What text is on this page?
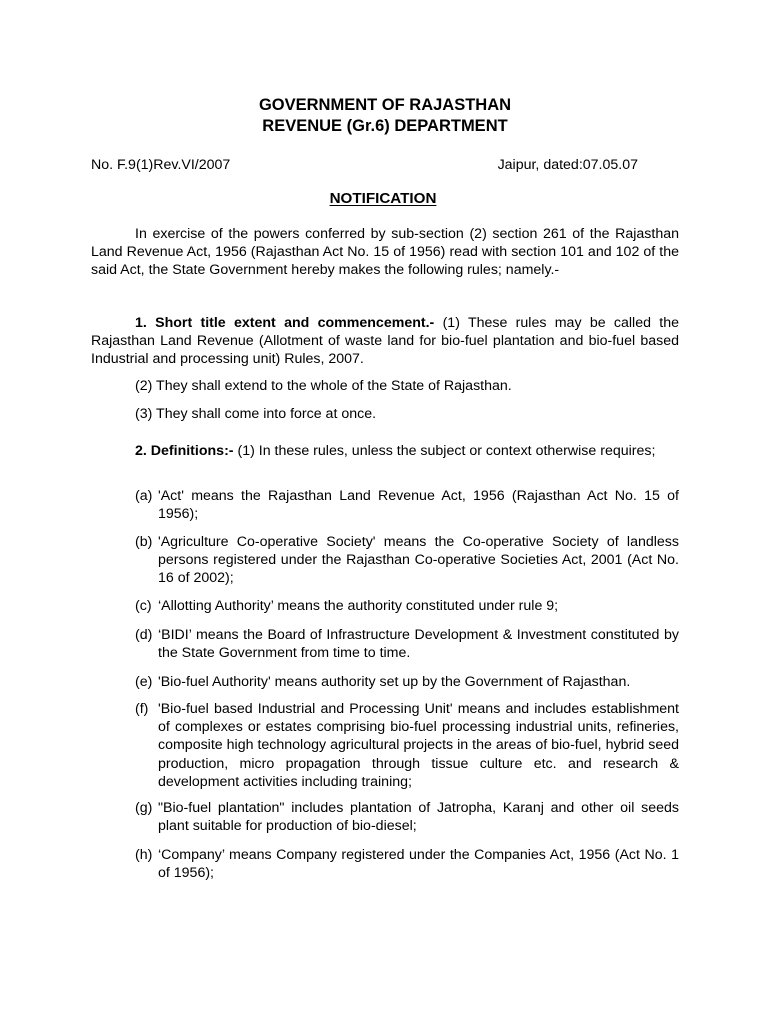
GOVERNMENT OF RAJASTHAN
REVENUE (Gr.6) DEPARTMENT
No. F.9(1)Rev.VI/2007	Jaipur, dated:07.05.07
NOTIFICATION
In exercise of the powers conferred by sub-section (2) section 261 of the Rajasthan Land Revenue Act, 1956 (Rajasthan Act No. 15 of 1956) read with section 101 and 102 of the said Act, the State Government hereby makes the following rules; namely.-
1. Short title extent and commencement.- (1) These rules may be called the Rajasthan Land Revenue (Allotment of waste land for bio-fuel plantation and bio-fuel based Industrial and processing unit) Rules, 2007.
(2) They shall extend to the whole of the State of Rajasthan.
(3) They shall come into force at once.
2. Definitions:- (1) In these rules, unless the subject or context otherwise requires;
(a) 'Act' means the Rajasthan Land Revenue Act, 1956 (Rajasthan Act No. 15 of 1956);
(b) 'Agriculture Co-operative Society' means the Co-operative Society of landless persons registered under the Rajasthan Co-operative Societies Act, 2001 (Act No. 16 of 2002);
(c) ‘Allotting Authority’ means the authority constituted under rule 9;
(d) ‘BIDI’ means the Board of Infrastructure Development & Investment constituted by the State Government from time to time.
(e) 'Bio-fuel Authority' means authority set up by the Government of Rajasthan.
(f) 'Bio-fuel based Industrial and Processing Unit' means and includes establishment of complexes or estates comprising bio-fuel processing industrial units, refineries, composite high technology agricultural projects in the areas of bio-fuel, hybrid seed production, micro propagation through tissue culture etc. and research & development activities including training;
(g) "Bio-fuel plantation" includes plantation of Jatropha, Karanj and other oil seeds plant suitable for production of bio-diesel;
(h) ‘Company’ means Company registered under the Companies Act, 1956 (Act No. 1 of 1956);
